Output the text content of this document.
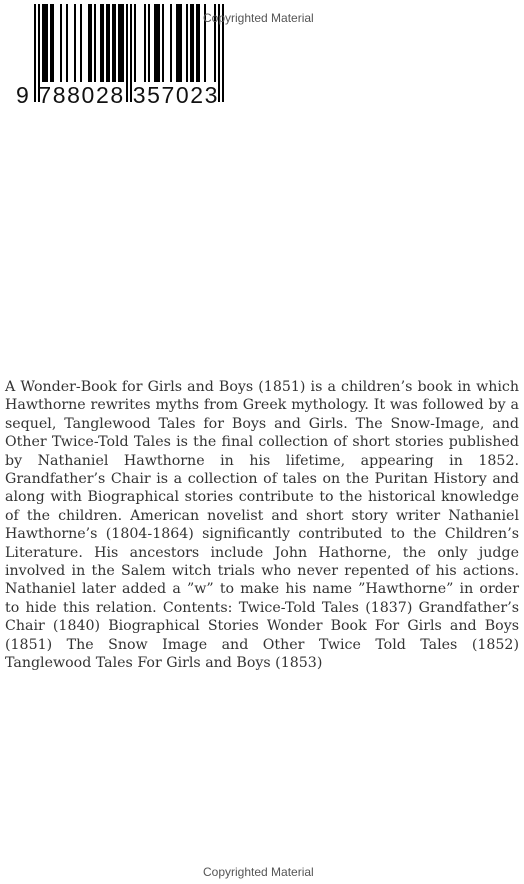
9 788028 357023
Copyrighted Material

A Wonder-Book for Girls and Boys (1851) is a children’s book in which Hawthorne rewrites myths from Greek mythology. It was followed by a sequel, Tanglewood Tales for Boys and Girls. The Snow-Image, and Other Twice-Told Tales is the final collection of short stories published by Nathaniel Hawthorne in his lifetime, appearing in 1852. Grandfather’s Chair is a collection of tales on the Puritan History and along with Biographical stories contribute to the historical knowledge of the children. American novelist and short story writer Nathaniel Hawthorne’s (1804-1864) significantly contributed to the Children’s Literature. His ancestors include John Hathorne, the only judge involved in the Salem witch trials who never repented of his actions. Nathaniel later added a ”w” to make his name ”Hawthorne” in order to hide this relation. Contents: Twice-Told Tales (1837) Grandfather’s Chair (1840) Biographical Stories Wonder Book For Girls and Boys (1851) The Snow Image and Other Twice Told Tales (1852) Tanglewood Tales For Girls and Boys (1853)

Copyrighted Material
